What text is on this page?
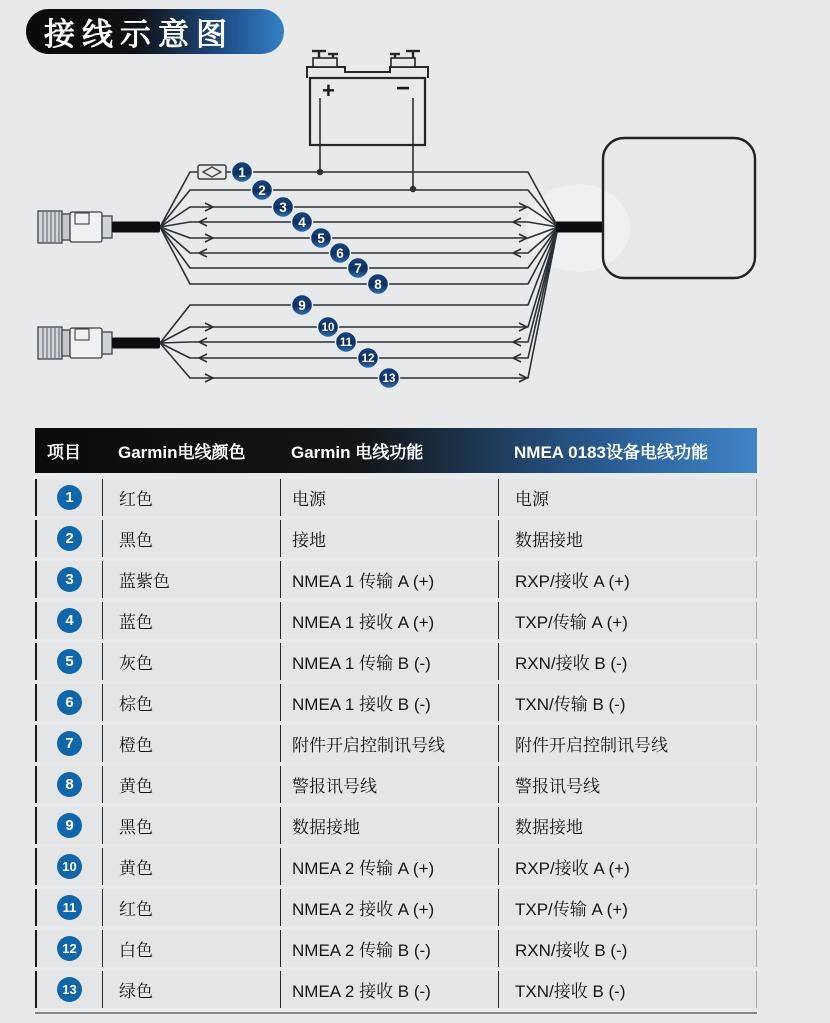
接线示意图
+	−
1
2
3
4
5
6
7
8
9
10
11
12
13
项目	Garmin电线颜色	Garmin 电线功能	NMEA 0183设备电线功能
1	红色	电源	电源
2	黑色	接地	数据接地
3	蓝紫色	NMEA 1 传输 A (+)	RXP/接收 A (+)
4	蓝色	NMEA 1 接收 A (+)	TXP/传输 A (+)
5	灰色	NMEA 1 传输 B (-)	RXN/接收 B (-)
6	棕色	NMEA 1 接收 B (-)	TXN/传输 B (-)
7	橙色	附件开启控制讯号线	附件开启控制讯号线
8	黄色	警报讯号线	警报讯号线
9	黑色	数据接地	数据接地
10	黄色	NMEA 2 传输 A (+)	RXP/接收 A (+)
11	红色	NMEA 2 接收 A (+)	TXP/传输 A (+)
12	白色	NMEA 2 传输 B (-)	RXN/接收 B (-)
13	绿色	NMEA 2 接收 B (-)	TXN/接收 B (-)
